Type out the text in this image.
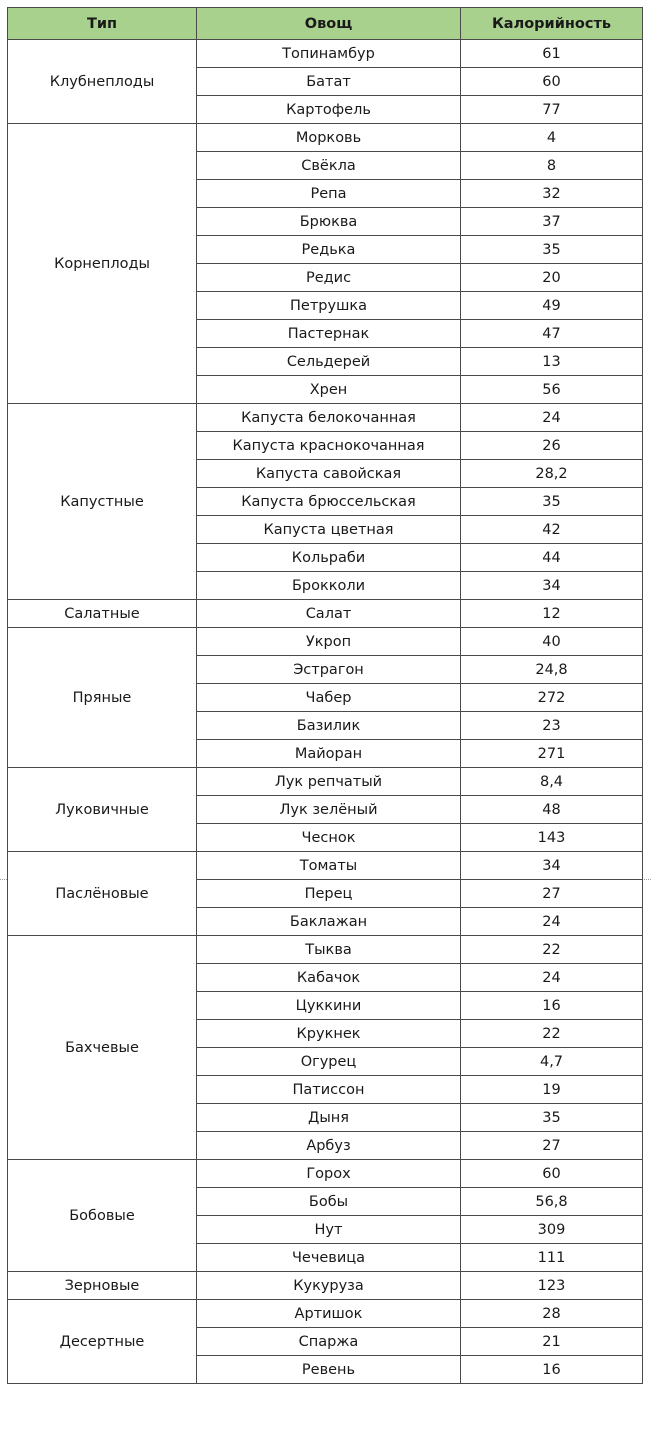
Тип	Овощ	Калорийность
Клубнеплоды	Топинамбур	61
	Батат	60
	Картофель	77
Корнеплоды	Морковь	4
	Свёкла	8
	Репа	32
	Брюква	37
	Редька	35
	Редис	20
	Петрушка	49
	Пастернак	47
	Сельдерей	13
	Хрен	56
Капустные	Капуста белокочанная	24
	Капуста краснокочанная	26
	Капуста савойская	28,2
	Капуста брюссельская	35
	Капуста цветная	42
	Кольраби	44
	Брокколи	34
Салатные	Салат	12
Пряные	Укроп	40
	Эстрагон	24,8
	Чабер	272
	Базилик	23
	Майоран	271
Луковичные	Лук репчатый	8,4
	Лук зелёный	48
	Чеснок	143
Паслёновые	Томаты	34
	Перец	27
	Баклажан	24
Бахчевые	Тыква	22
	Кабачок	24
	Цуккини	16
	Крукнек	22
	Огурец	4,7
	Патиссон	19
	Дыня	35
	Арбуз	27
Бобовые	Горох	60
	Бобы	56,8
	Нут	309
	Чечевица	111
Зерновые	Кукуруза	123
Десертные	Артишок	28
	Спаржа	21
	Ревень	16
